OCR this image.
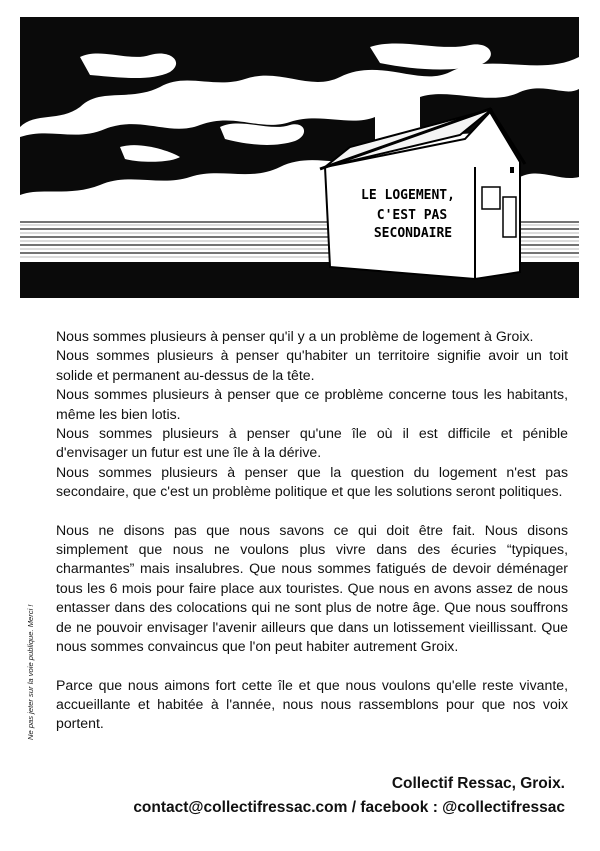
LE LOGEMENT,
C'EST PAS
SECONDAIRE

Nous sommes plusieurs à penser qu'il y a un problème de logement à Groix.

Nous sommes plusieurs à penser qu'habiter un territoire signifie avoir un toit solide et permanent au-dessus de la tête.

Nous sommes plusieurs à penser que ce problème concerne tous les habitants, même les bien lotis.

Nous sommes plusieurs à penser qu'une île où il est difficile et pénible d'envisager un futur est une île à la dérive.

Nous sommes plusieurs à penser que la question du logement n'est pas secondaire, que c'est un problème politique et que les solutions seront politiques.

Nous ne disons pas que nous savons ce qui doit être fait. Nous disons simplement que nous ne voulons plus vivre dans des écuries “typiques, charmantes” mais insalubres. Que nous sommes fatigués de devoir déménager tous les 6 mois pour faire place aux touristes. Que nous en avons assez de nous entasser dans des colocations qui ne sont plus de notre âge. Que nous souffrons de ne pouvoir envisager l'avenir ailleurs que dans un lotissement vieillissant. Que nous sommes convaincus que l'on peut habiter autrement Groix.

Parce que nous aimons fort cette île et que nous voulons qu'elle reste vivante, accueillante et habitée à l'année, nous nous rassemblons pour que nos voix portent.

Ne pas jeter sur la voie publique. Merci !
Collectif Ressac, Groix.
contact@collectifressac.com / facebook : @collectifressac
